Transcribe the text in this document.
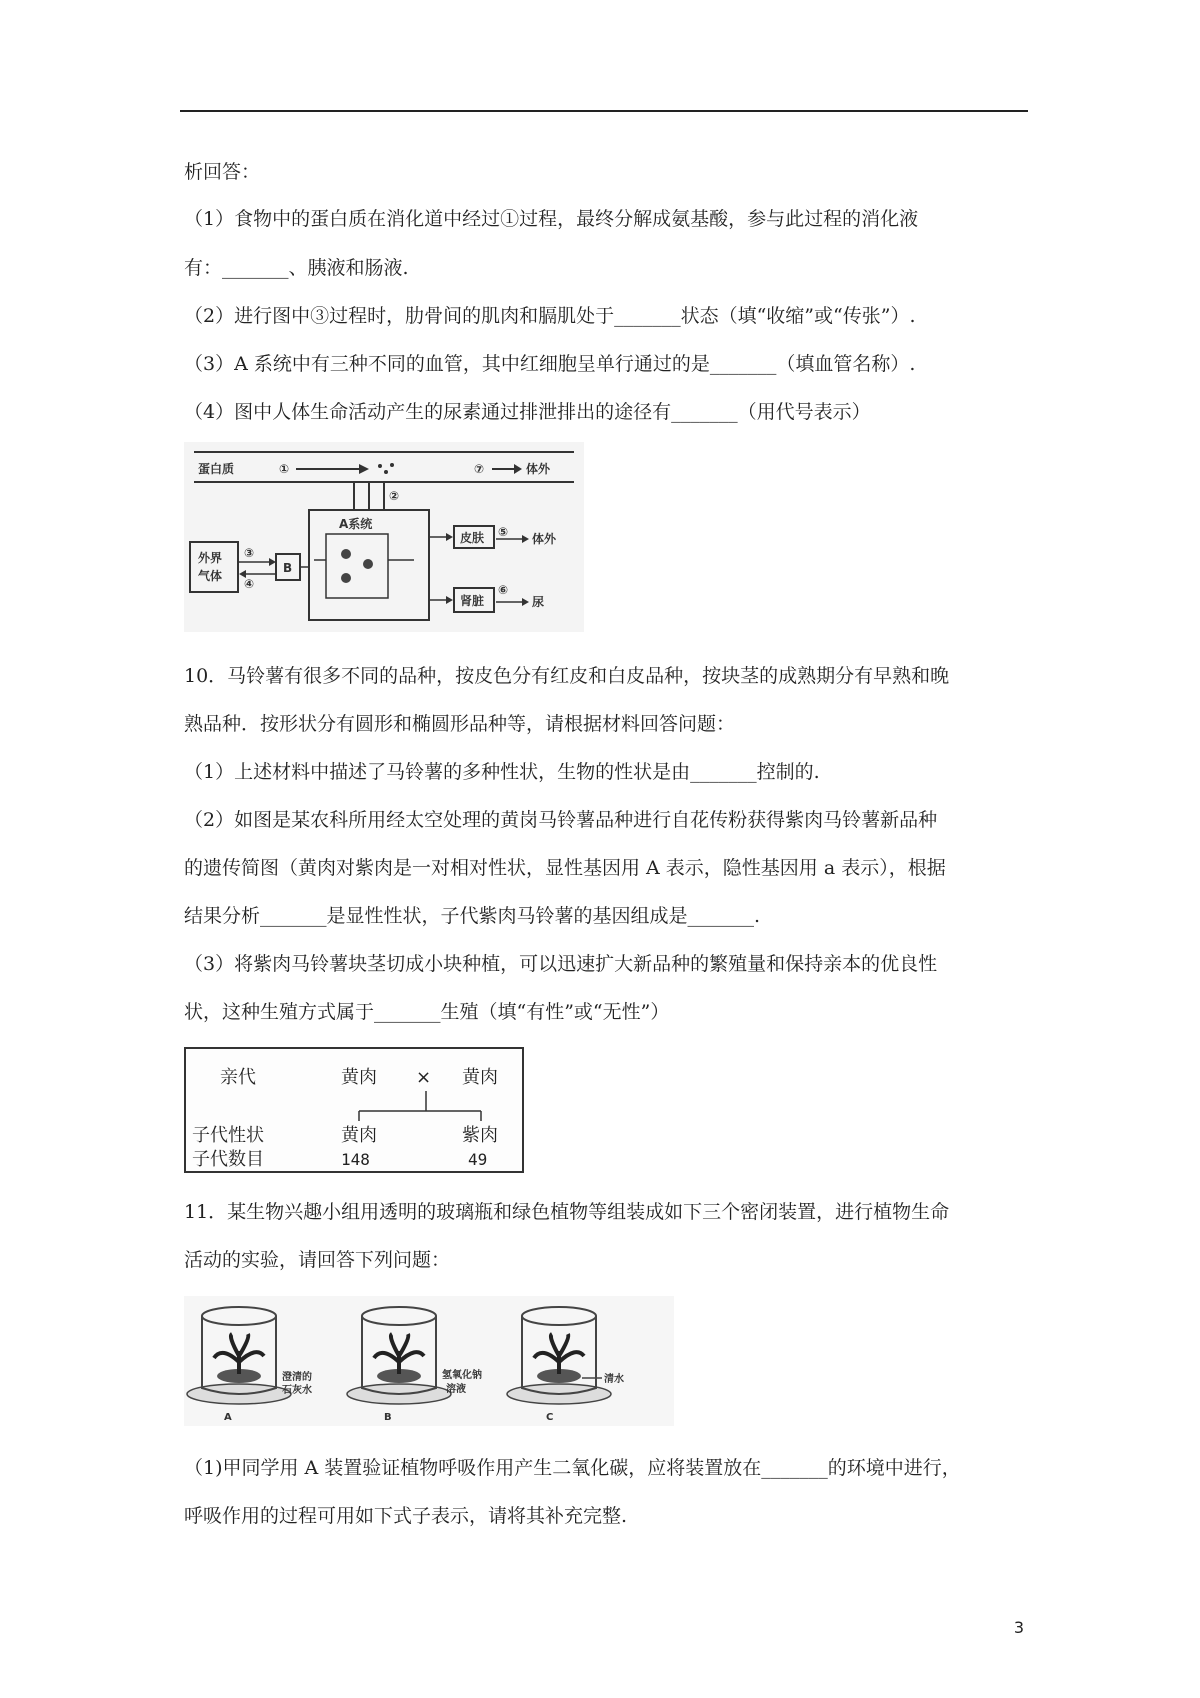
析回答：
（1）食物中的蛋白质在消化道中经过①过程，最终分解成氨基酸，参与此过程的消化液
有：_______、胰液和肠液.
（2）进行图中③过程时，肋骨间的肌肉和膈肌处于_______状态（填“收缩”或“传张”）.
（3）A 系统中有三种不同的血管，其中红细胞呈单行通过的是_______（填血管名称）.
（4）图中人体生命活动产生的尿素通过排泄排出的途径有_______（用代号表示）
蛋白质	①	⑦	体外
②
A系统
外界
气体
③
④
B
皮肤 ⑤ 体外
肾脏
⑥
尿
10．马铃薯有很多不同的品种，按皮色分有红皮和白皮品种，按块茎的成熟期分有早熟和晚
熟品种．按形状分有圆形和椭圆形品种等，请根据材料回答问题：
（1）上述材料中描述了马铃薯的多种性状，生物的性状是由_______控制的.
（2）如图是某农科所用经太空处理的黄岗马铃薯品种进行自花传粉获得紫肉马铃薯新品种
的遗传简图（黄肉对紫肉是一对相对性状，显性基因用 A 表示，隐性基因用 a 表示），根据
结果分析_______是显性性状，子代紫肉马铃薯的基因组成是_______.
（3）将紫肉马铃薯块茎切成小块种植，可以迅速扩大新品种的繁殖量和保持亲本的优良性
状，这种生殖方式属于_______生殖（填“有性”或“无性”）
亲代	黄肉 × 黄肉
子代性状	黄肉	紫肉
子代数目	148	49
11．某生物兴趣小组用透明的玻璃瓶和绿色植物等组装成如下三个密闭装置，进行植物生命
活动的实验，请回答下列问题：
澄清的
石灰水
A
氢氧化钠
溶液
B
清水
C
（1)甲同学用 A 装置验证植物呼吸作用产生二氧化碳，应将装置放在_______的环境中进行，
呼吸作用的过程可用如下式子表示，请将其补充完整.
3
